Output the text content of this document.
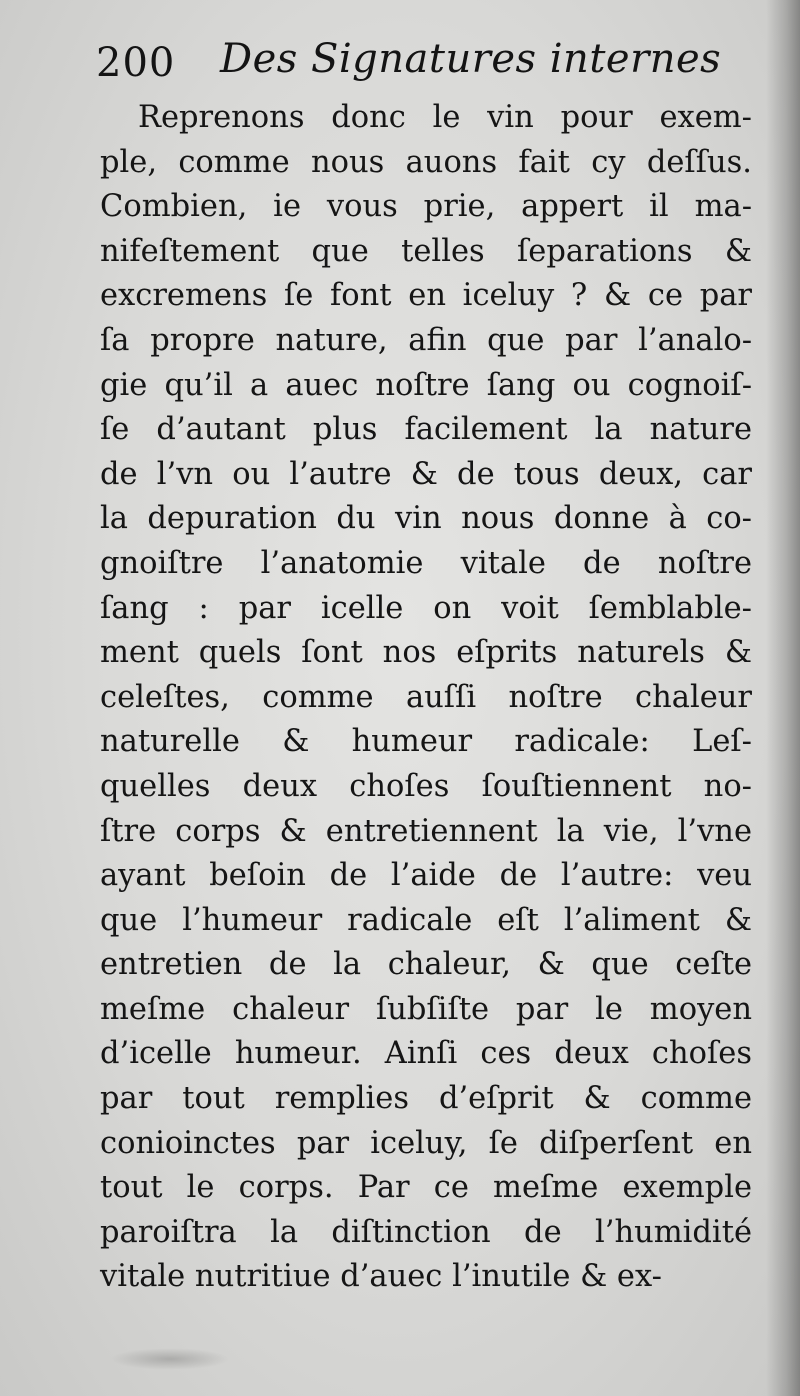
200 Des Signatures internes
Reprenons donc le vin pour exem-
ple, comme nous auons fait cy deſſus.
Combien, ie vous prie, appert il ma-
nifeſtement que telles ſeparations &
excremens ſe font en iceluy ? & ce par
ſa propre nature, afin que par l’analo-
gie qu’il a auec noſtre ſang ou cognoiſ-
ſe d’autant plus facilement la nature
de l’vn ou l’autre & de tous deux, car
la depuration du vin nous donne à co-
gnoiſtre l’anatomie vitale de noſtre
ſang : par icelle on voit ſemblable-
ment quels ſont nos eſprits naturels &
celeſtes, comme auſſi noſtre chaleur
naturelle & humeur radicale: Leſ-
quelles deux choſes ſouſtiennent no-
ſtre corps & entretiennent la vie, l’vne
ayant beſoin de l’aide de l’autre: veu
que l’humeur radicale eſt l’aliment &
entretien de la chaleur, & que ceſte
meſme chaleur ſubſiſte par le moyen
d’icelle humeur. Ainſi ces deux choſes
par tout remplies d’eſprit & comme
conioinctes par iceluy, ſe diſperſent en
tout le corps. Par ce meſme exemple
paroiſtra la diſtinction de l’humidité
vitale nutritiue d’auec l’inutile & ex-
